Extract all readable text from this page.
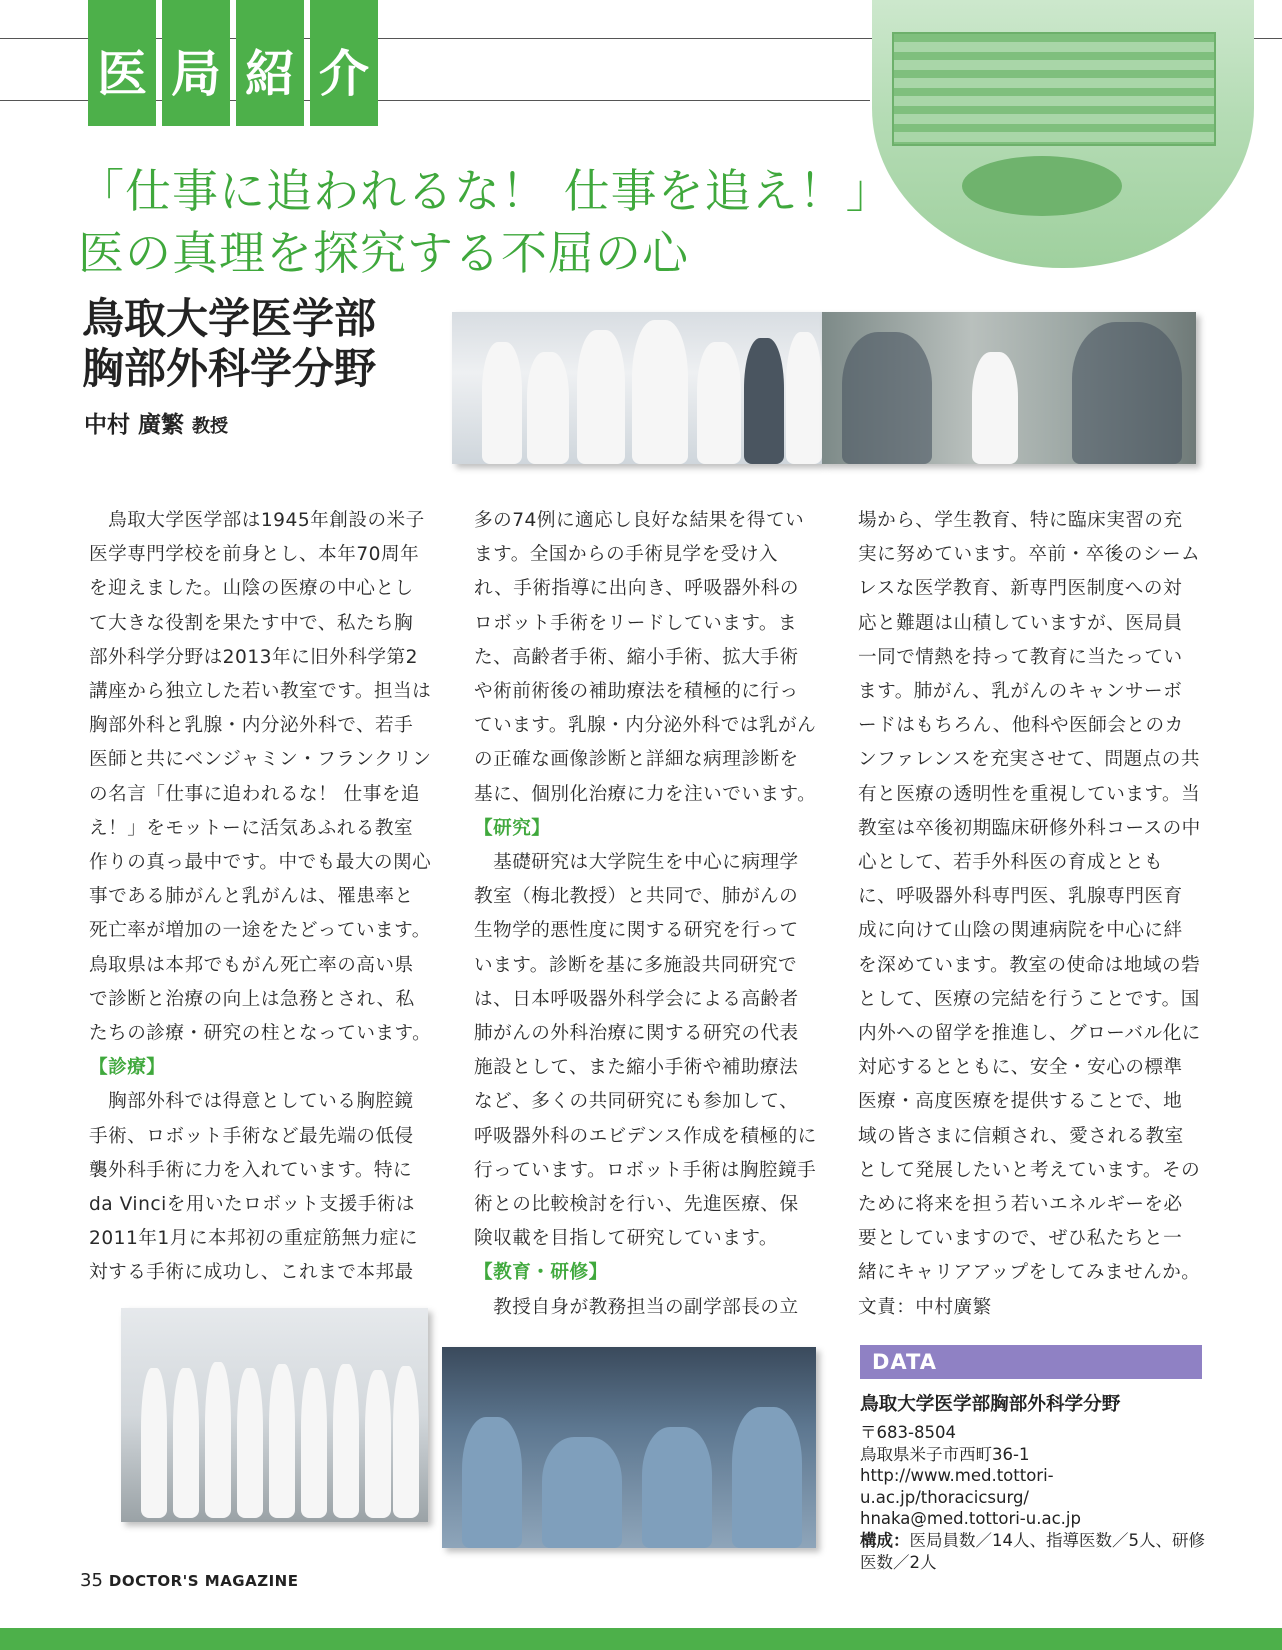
医 局 紹 介
「仕事に追われるな！ 仕事を追え！」
医の真理を探究する不屈の心
鳥取大学医学部
胸部外科学分野
中村 廣繁 教授

　鳥取大学医学部は1945年創設の米子医学専門学校を前身とし、本年70周年を迎えました。山陰の医療の中心として大きな役割を果たす中で、私たち胸部外科学分野は2013年に旧外科学第2講座から独立した若い教室です。担当は胸部外科と乳腺・内分泌外科で、若手医師と共にベンジャミン・フランクリンの名言「仕事に追われるな！ 仕事を追え！」をモットーに活気あふれる教室作りの真っ最中です。中でも最大の関心事である肺がんと乳がんは、罹患率と死亡率が増加の一途をたどっています。鳥取県は本邦でもがん死亡率の高い県で診断と治療の向上は急務とされ、私たちの診療・研究の柱となっています。

【診療】

　胸部外科では得意としている胸腔鏡手術、ロボット手術など最先端の低侵襲外科手術に力を入れています。特にda Vinciを用いたロボット支援手術は2011年1月に本邦初の重症筋無力症に対する手術に成功し、これまで本邦最

多の74例に適応し良好な結果を得ています。全国からの手術見学を受け入れ、手術指導に出向き、呼吸器外科のロボット手術をリードしています。また、高齢者手術、縮小手術、拡大手術や術前術後の補助療法を積極的に行っています。乳腺・内分泌外科では乳がんの正確な画像診断と詳細な病理診断を基に、個別化治療に力を注いでいます。

【研究】

　基礎研究は大学院生を中心に病理学教室（梅北教授）と共同で、肺がんの生物学的悪性度に関する研究を行っています。診断を基に多施設共同研究では、日本呼吸器外科学会による高齢者肺がんの外科治療に関する研究の代表施設として、また縮小手術や補助療法など、多くの共同研究にも参加して、呼吸器外科のエビデンス作成を積極的に行っています。ロボット手術は胸腔鏡手術との比較検討を行い、先進医療、保険収載を目指して研究しています。

【教育・研修】

　教授自身が教務担当の副学部長の立

場から、学生教育、特に臨床実習の充実に努めています。卒前・卒後のシームレスな医学教育、新専門医制度への対応と難題は山積していますが、医局員一同で情熱を持って教育に当たっています。肺がん、乳がんのキャンサーボードはもちろん、他科や医師会とのカンファレンスを充実させて、問題点の共有と医療の透明性を重視しています。当教室は卒後初期臨床研修外科コースの中心として、若手外科医の育成とともに、呼吸器外科専門医、乳腺専門医育成に向けて山陰の関連病院を中心に絆を深めています。教室の使命は地域の砦として、医療の完結を行うことです。国内外への留学を推進し、グローバル化に対応するとともに、安全・安心の標準医療・高度医療を提供することで、地域の皆さまに信頼され、愛される教室として発展したいと考えています。そのために将来を担う若いエネルギーを必要としていますので、ぜひ私たちと一緒にキャリアアップをしてみませんか。

文責：中村廣繁

DATA
鳥取大学医学部胸部外科学分野
〒683-8504
鳥取県米子市西町36-1
http://www.med.tottori-u.ac.jp/thoracicsurg/
hnaka@med.tottori-u.ac.jp
構成：医局員数／14人、指導医数／5人、研修医数／2人
35 DOCTOR'S MAGAZINE
